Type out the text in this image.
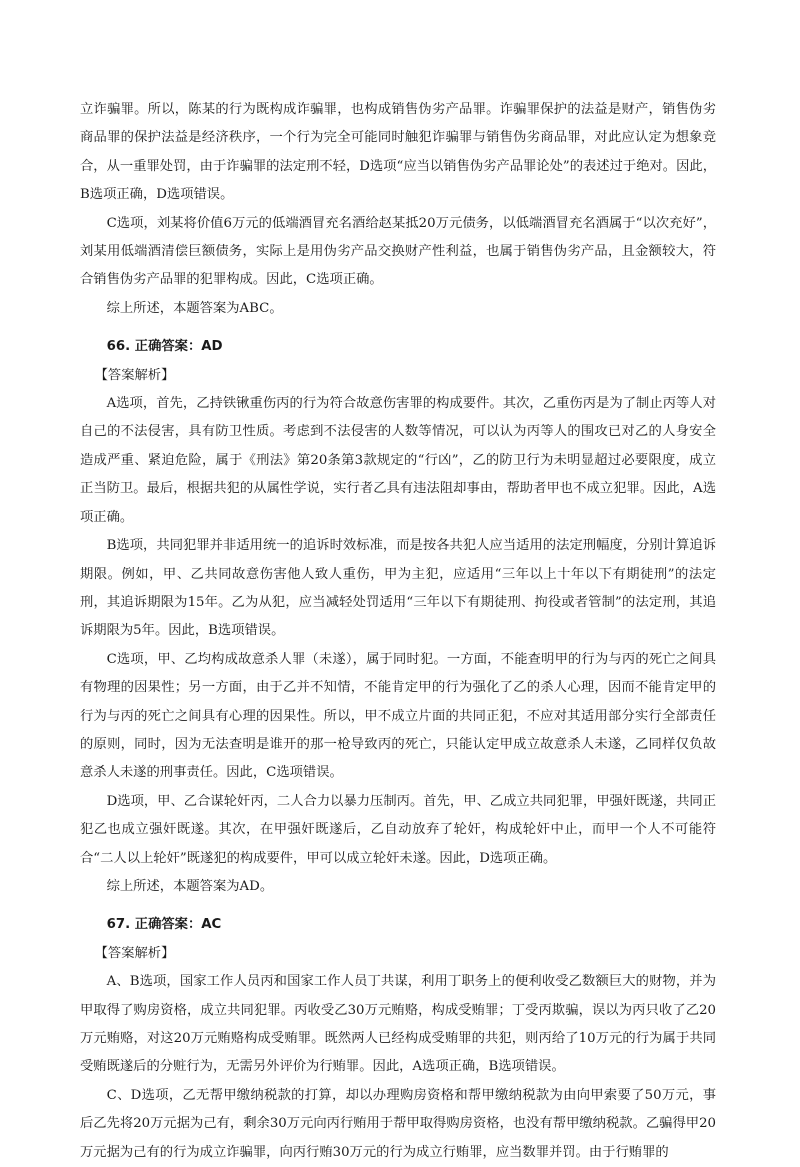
立诈骗罪。所以，陈某的行为既构成诈骗罪，也构成销售伪劣产品罪。诈骗罪保护的法益是财产，销售伪劣商品罪的保护法益是经济秩序，一个行为完全可能同时触犯诈骗罪与销售伪劣商品罪，对此应认定为想象竞合，从一重罪处罚，由于诈骗罪的法定刑不轻，D选项“应当以销售伪劣产品罪论处”的表述过于绝对。因此，B选项正确，D选项错误。

C选项，刘某将价值6万元的低端酒冒充名酒给赵某抵20万元债务，以低端酒冒充名酒属于“以次充好”，刘某用低端酒清偿巨额债务，实际上是用伪劣产品交换财产性利益，也属于销售伪劣产品，且金额较大，符合销售伪劣产品罪的犯罪构成。因此，C选项正确。

综上所述，本题答案为ABC。

66. 正确答案：AD
【答案解析】

A选项，首先，乙持铁锹重伤丙的行为符合故意伤害罪的构成要件。其次，乙重伤丙是为了制止丙等人对自己的不法侵害，具有防卫性质。考虑到不法侵害的人数等情况，可以认为丙等人的围攻已对乙的人身安全造成严重、紧迫危险，属于《刑法》第20条第3款规定的“行凶”，乙的防卫行为未明显超过必要限度，成立正当防卫。最后，根据共犯的从属性学说，实行者乙具有违法阻却事由，帮助者甲也不成立犯罪。因此，A选项正确。

B选项，共同犯罪并非适用统一的追诉时效标准，而是按各共犯人应当适用的法定刑幅度，分别计算追诉期限。例如，甲、乙共同故意伤害他人致人重伤，甲为主犯，应适用“三年以上十年以下有期徒刑”的法定刑，其追诉期限为15年。乙为从犯，应当减轻处罚适用“三年以下有期徒刑、拘役或者管制”的法定刑，其追诉期限为5年。因此，B选项错误。

C选项，甲、乙均构成故意杀人罪（未遂），属于同时犯。一方面，不能查明甲的行为与丙的死亡之间具有物理的因果性；另一方面，由于乙并不知情，不能肯定甲的行为强化了乙的杀人心理，因而不能肯定甲的行为与丙的死亡之间具有心理的因果性。所以，甲不成立片面的共同正犯，不应对其适用部分实行全部责任的原则，同时，因为无法查明是谁开的那一枪导致丙的死亡，只能认定甲成立故意杀人未遂，乙同样仅负故意杀人未遂的刑事责任。因此，C选项错误。

D选项，甲、乙合谋轮奸丙，二人合力以暴力压制丙。首先，甲、乙成立共同犯罪，甲强奸既遂，共同正犯乙也成立强奸既遂。其次，在甲强奸既遂后，乙自动放弃了轮奸，构成轮奸中止，而甲一个人不可能符合“二人以上轮奸”既遂犯的构成要件，甲可以成立轮奸未遂。因此，D选项正确。

综上所述，本题答案为AD。

67. 正确答案：AC
【答案解析】

A、B选项，国家工作人员丙和国家工作人员丁共谋，利用丁职务上的便利收受乙数额巨大的财物，并为甲取得了购房资格，成立共同犯罪。丙收受乙30万元贿赂，构成受贿罪；丁受丙欺骗，误以为丙只收了乙20万元贿赂，对这20万元贿赂构成受贿罪。既然两人已经构成受贿罪的共犯，则丙给了10万元的行为属于共同受贿既遂后的分赃行为，无需另外评价为行贿罪。因此，A选项正确，B选项错误。

C、D选项，乙无帮甲缴纳税款的打算，却以办理购房资格和帮甲缴纳税款为由向甲索要了50万元，事后乙先将20万元据为己有，剩余30万元向丙行贿用于帮甲取得购房资格，也没有帮甲缴纳税款。乙骗得甲20万元据为己有的行为成立诈骗罪，向丙行贿30万元的行为成立行贿罪，应当数罪并罚。由于行贿罪的
